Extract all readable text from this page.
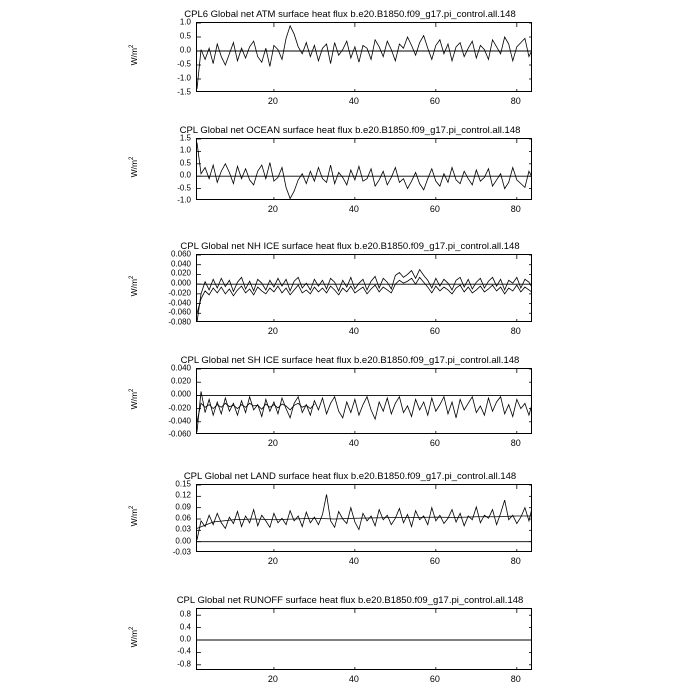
CPL6 Global net ATM surface heat flux b.e20.B1850.f09_g17.pi_control.all.148
$W/m^2$
-1.5
-1.0
-0.5
0.0
0.5
1.0
20	40	60	80
CPL Global net OCEAN surface heat flux b.e20.B1850.f09_g17.pi_control.all.148
$W/m^2$
-1.0
-0.5
0.0
0.5
1.0
1.5
20	40	60	80
CPL Global net NH ICE surface heat flux b.e20.B1850.f09_g17.pi_control.all.148
$W/m^2$
-0.080
-0.060
-0.040
-0.020
0.000
0.020
0.040
0.060
20	40	60	80
CPL Global net SH ICE surface heat flux b.e20.B1850.f09_g17.pi_control.all.148
$W/m^2$
-0.060
-0.040
-0.020
0.000
0.020
0.040
20	40	60	80
CPL Global net LAND surface heat flux b.e20.B1850.f09_g17.pi_control.all.148
$W/m^2$
-0.03
0.00
0.03
0.06
0.09
0.12
0.15
20	40	60	80
CPL Global net RUNOFF surface heat flux b.e20.B1850.f09_g17.pi_control.all.148
$W/m^2$
-0.8
-0.4
0.0
0.4
0.8
20	40	60	80
